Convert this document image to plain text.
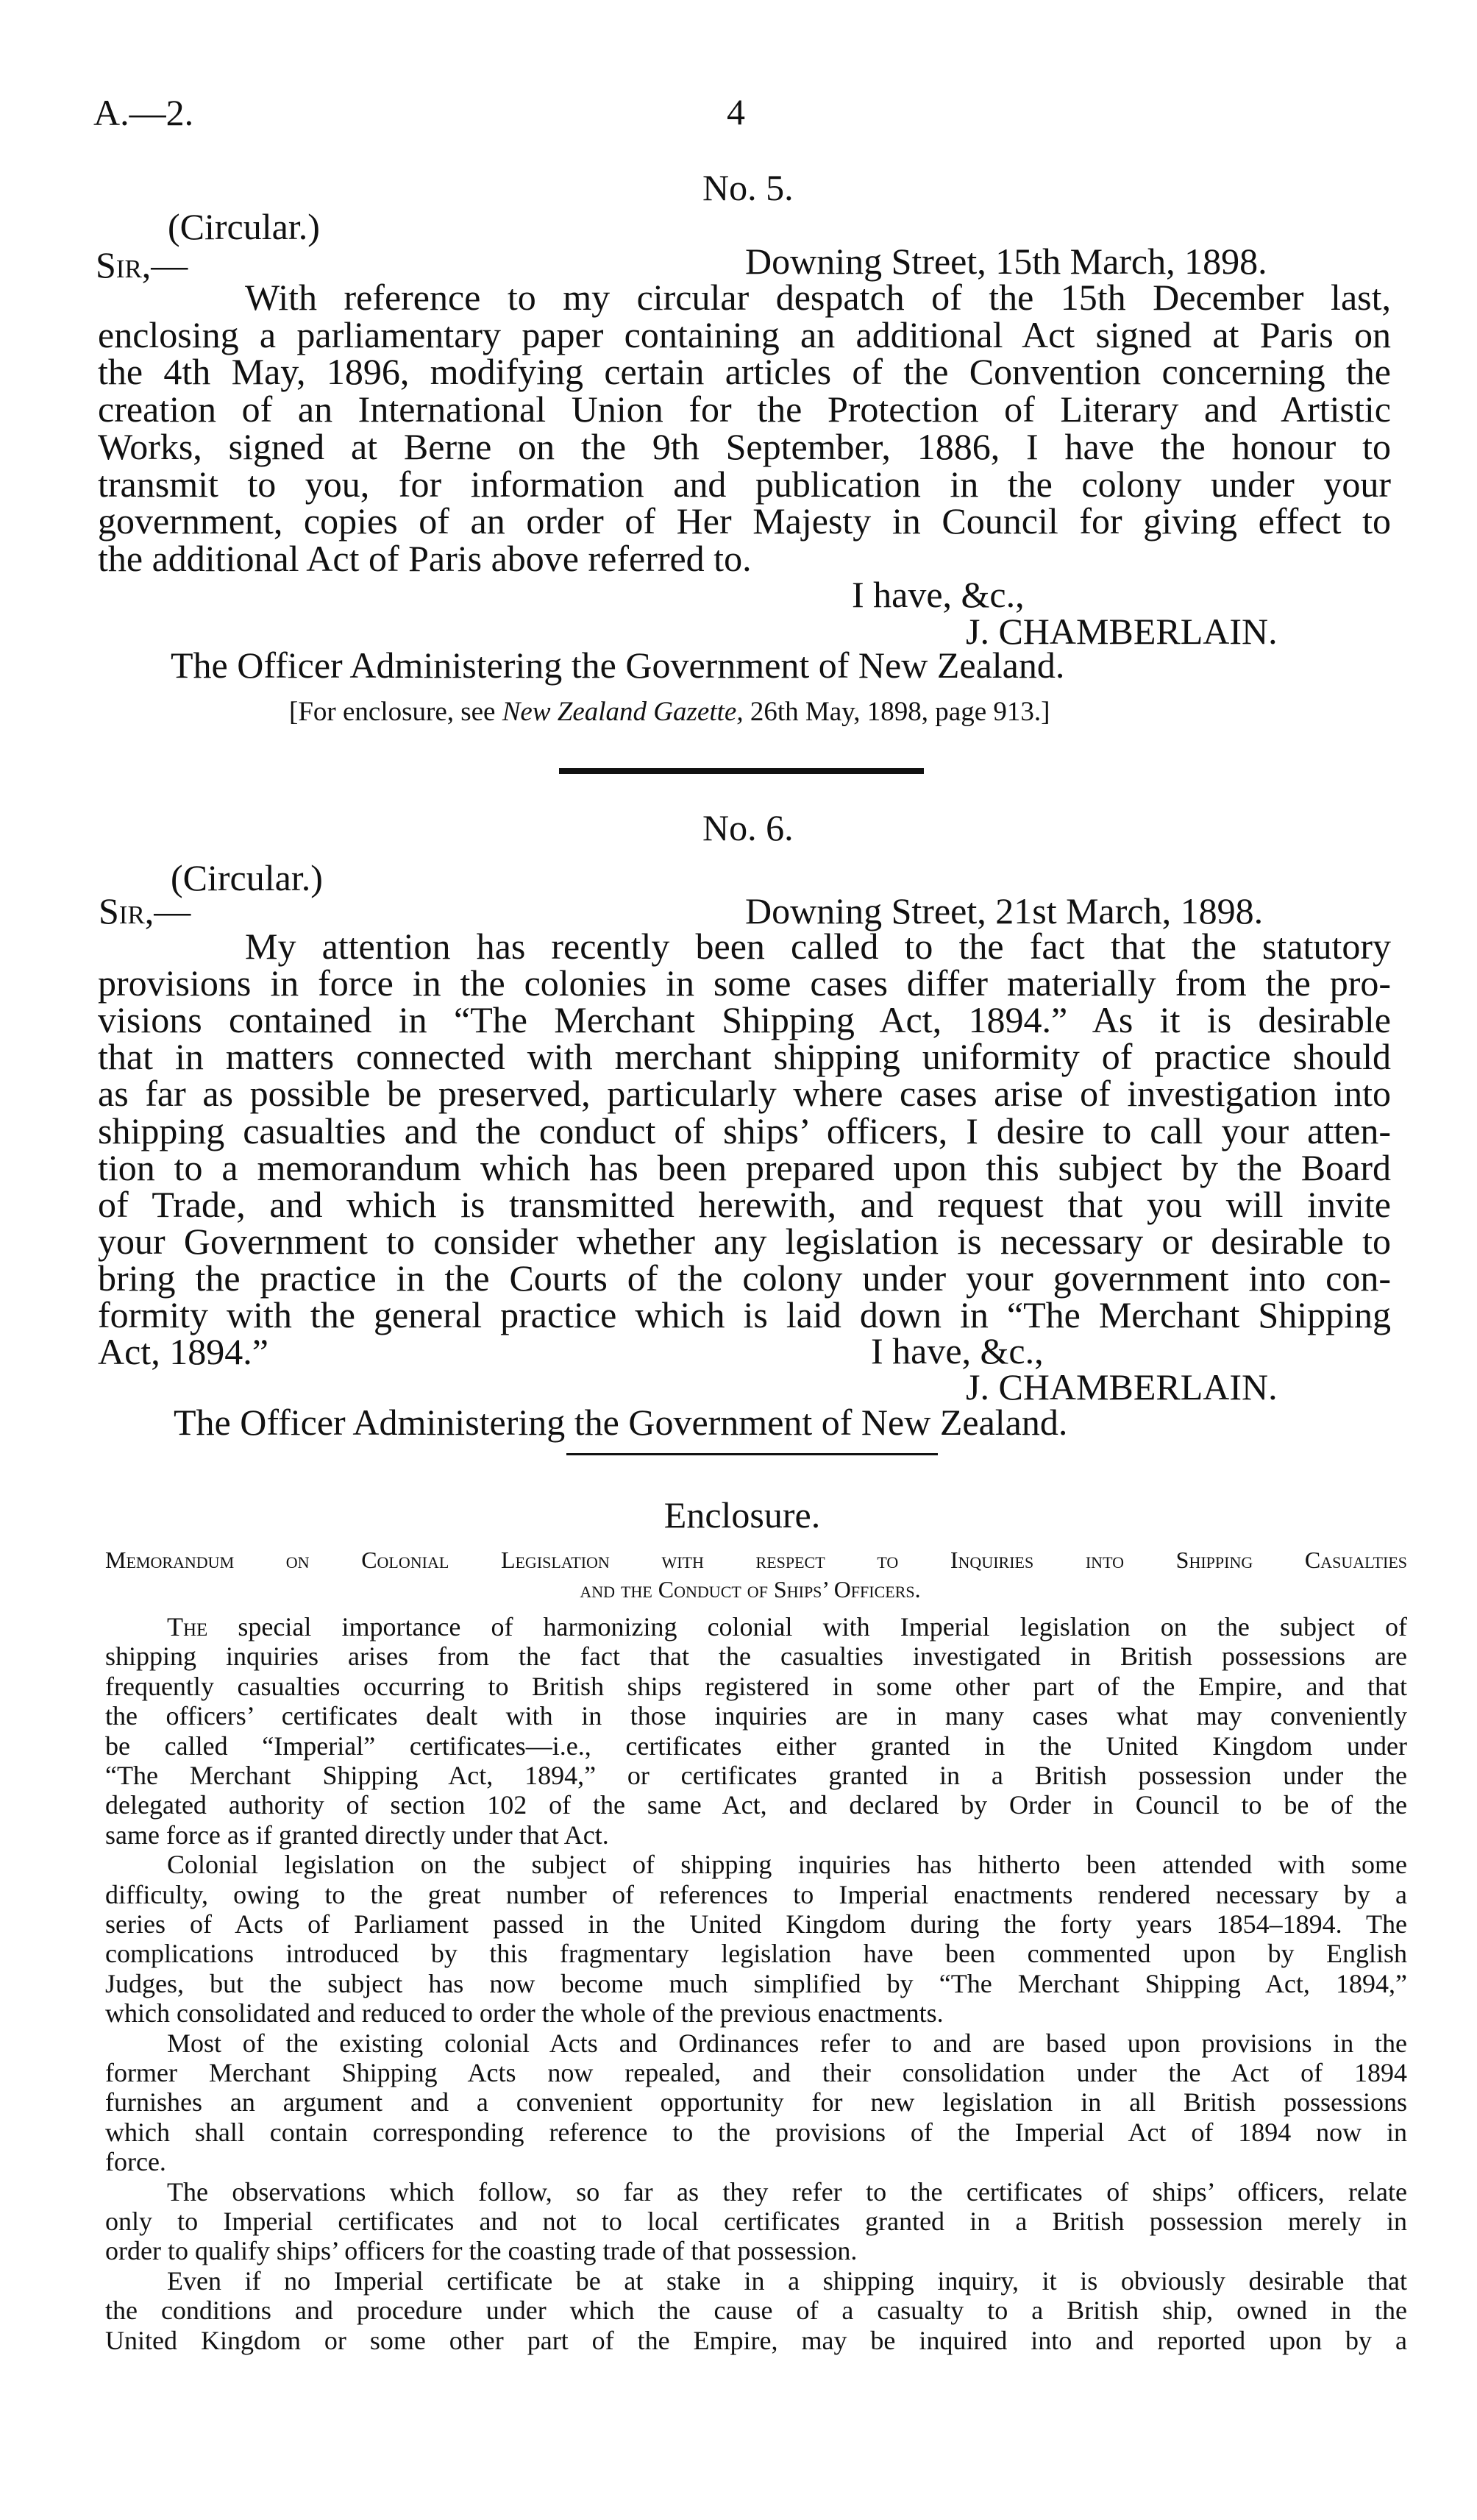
A.—2.	4
No. 5.
(Circular.)
Sir,—	Downing Street, 15th March, 1898.
With reference to my circular despatch of the 15th December last,
enclosing a parliamentary paper containing an additional Act signed at Paris on
the 4th May, 1896, modifying certain articles of the Convention concerning the
creation of an International Union for the Protection of Literary and Artistic
Works, signed at Berne on the 9th September, 1886, I have the honour to
transmit to you, for information and publication in the colony under your
government, copies of an order of Her Majesty in Council for giving effect to
the additional Act of Paris above referred to.
I have, &c.,
J. CHAMBERLAIN.
The Officer Administering the Government of New Zealand.
[For enclosure, see New Zealand Gazette, 26th May, 1898, page 913.]
No. 6.
(Circular.)
Sir,—	Downing Street, 21st March, 1898.
My attention has recently been called to the fact that the statutory
provisions in force in the colonies in some cases differ materially from the pro-
visions contained in “The Merchant Shipping Act, 1894.” As it is desirable
that in matters connected with merchant shipping uniformity of practice should
as far as possible be preserved, particularly where cases arise of investigation into
shipping casualties and the conduct of ships’ officers, I desire to call your atten-
tion to a memorandum which has been prepared upon this subject by the Board
of Trade, and which is transmitted herewith, and request that you will invite
your Government to consider whether any legislation is necessary or desirable to
bring the practice in the Courts of the colony under your government into con-
formity with the general practice which is laid down in “The Merchant Shipping
Act, 1894.”	I have, &c.,
J. CHAMBERLAIN.
The Officer Administering the Government of New Zealand.
Enclosure.
Memorandum on Colonial Legislation with respect to Inquiries into Shipping Casualties
and the Conduct of Ships’ Officers.
The special importance of harmonizing colonial with Imperial legislation on the subject of
shipping inquiries arises from the fact that the casualties investigated in British possessions are
frequently casualties occurring to British ships registered in some other part of the Empire, and that
the officers’ certificates dealt with in those inquiries are in many cases what may conveniently
be called “Imperial” certificates—i.e., certificates either granted in the United Kingdom under
“The Merchant Shipping Act, 1894,” or certificates granted in a British possession under the
delegated authority of section 102 of the same Act, and declared by Order in Council to be of the
same force as if granted directly under that Act.
Colonial legislation on the subject of shipping inquiries has hitherto been attended with some
difficulty, owing to the great number of references to Imperial enactments rendered necessary by a
series of Acts of Parliament passed in the United Kingdom during the forty years 1854–1894. The
complications introduced by this fragmentary legislation have been commented upon by English
Judges, but the subject has now become much simplified by “The Merchant Shipping Act, 1894,”
which consolidated and reduced to order the whole of the previous enactments.
Most of the existing colonial Acts and Ordinances refer to and are based upon provisions in the
former Merchant Shipping Acts now repealed, and their consolidation under the Act of 1894
furnishes an argument and a convenient opportunity for new legislation in all British possessions
which shall contain corresponding reference to the provisions of the Imperial Act of 1894 now in
force.
The observations which follow, so far as they refer to the certificates of ships’ officers, relate
only to Imperial certificates and not to local certificates granted in a British possession merely in
order to qualify ships’ officers for the coasting trade of that possession.
Even if no Imperial certificate be at stake in a shipping inquiry, it is obviously desirable that
the conditions and procedure under which the cause of a casualty to a British ship, owned in the
United Kingdom or some other part of the Empire, may be inquired into and reported upon by a
